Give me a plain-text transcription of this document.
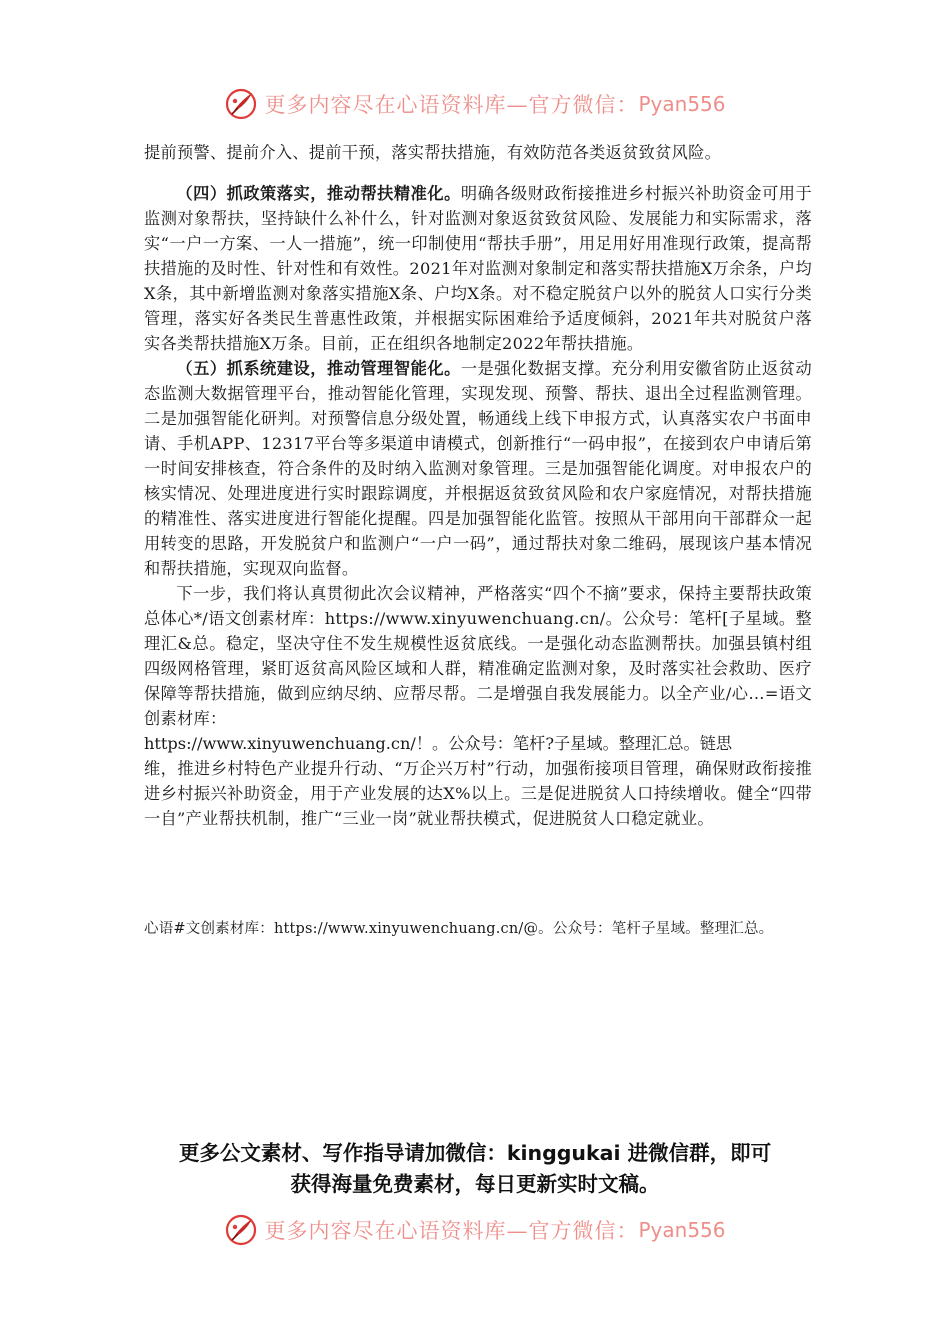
更多内容尽在心语资料库—官方微信： Pyan556

提前预警、提前介入、提前干预，落实帮扶措施，有效防范各类返贫致贫风险。

（四）抓政策落实，推动帮扶精准化。明确各级财政衔接推进乡村振兴补助资金可用于监测对象帮扶，坚持缺什么补什么，针对监测对象返贫致贫风险、发展能力和实际需求，落实“一户一方案、一人一措施”，统一印制使用“帮扶手册”，用足用好用准现行政策，提高帮扶措施的及时性、针对性和有效性。2021年对监测对象制定和落实帮扶措施X万余条，户均X条，其中新增监测对象落实措施X条、户均X条。对不稳定脱贫户以外的脱贫人口实行分类管理，落实好各类民生普惠性政策，并根据实际困难给予适度倾斜，2021年共对脱贫户落实各类帮扶措施X万条。目前，正在组织各地制定2022年帮扶措施。

（五）抓系统建设，推动管理智能化。一是强化数据支撑。充分利用安徽省防止返贫动态监测大数据管理平台，推动智能化管理，实现发现、预警、帮扶、退出全过程监测管理。二是加强智能化研判。对预警信息分级处置，畅通线上线下申报方式，认真落实农户书面申请、手机APP、12317平台等多渠道申请模式，创新推行“一码申报”，在接到农户申请后第一时间安排核查，符合条件的及时纳入监测对象管理。三是加强智能化调度。对申报农户的核实情况、处理进度进行实时跟踪调度，并根据返贫致贫风险和农户家庭情况，对帮扶措施的精准性、落实进度进行智能化提醒。四是加强智能化监管。按照从干部用向干部群众一起用转变的思路，开发脱贫户和监测户“一户一码”，通过帮扶对象二维码，展现该户基本情况和帮扶措施，实现双向监督。

下一步，我们将认真贯彻此次会议精神，严格落实“四个不摘”要求，保持主要帮扶政策总体心*/语文创素材库：https://www.xinyuwenchuang.cn/。公众号：笔杆[子星域。整理汇&总。稳定，坚决守住不发生规模性返贫底线。一是强化动态监测帮扶。加强县镇村组四级网格管理，紧盯返贫高风险区域和人群，精准确定监测对象，及时落实社会救助、医疗保障等帮扶措施，做到应纳尽纳、应帮尽帮。二是增强自我发展能力。以全产业/心…=语文创素材库：
https://www.xinyuwenchuang.cn/！。公众号：笔杆?子星域。整理汇总。链思
维，推进乡村特色产业提升行动、“万企兴万村”行动，加强衔接项目管理，确保财政衔接推进乡村振兴补助资金，用于产业发展的达X%以上。三是促进脱贫人口持续增收。健全“四带一自”产业帮扶机制，推广“三业一岗”就业帮扶模式，促进脱贫人口稳定就业。

心语#文创素材库：https://www.xinyuwenchuang.cn/@。公众号：笔杆子星域。整理汇总。
更多公文素材、写作指导请加微信：kinggukai 进微信群，即可
获得海量免费素材，每日更新实时文稿。
更多内容尽在心语资料库—官方微信： Pyan556
